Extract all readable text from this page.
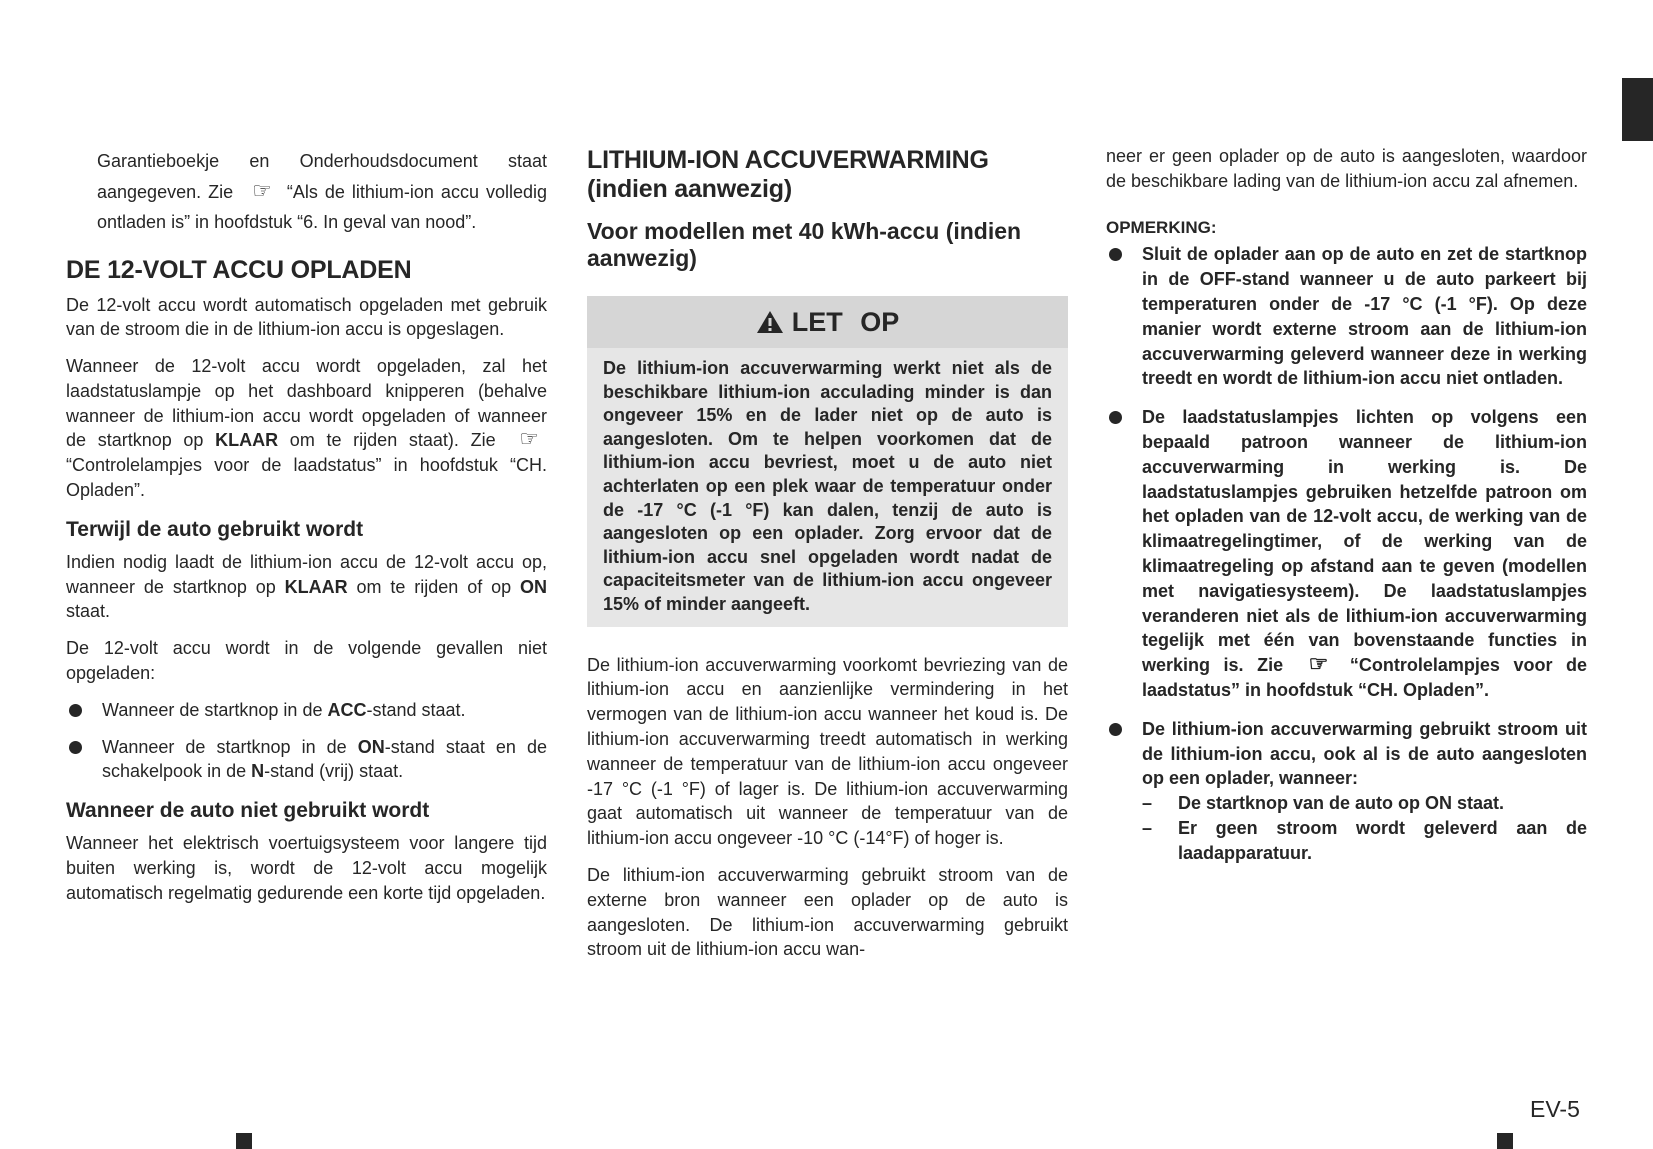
Garantieboekje en Onderhoudsdocument staat aangegeven. Zie ☞ “Als de lithium-ion accu volledig ontladen is” in hoofdstuk “6. In geval van nood”.

DE 12-VOLT ACCU OPLADEN

De 12-volt accu wordt automatisch opgeladen met gebruik van de stroom die in de lithium-ion accu is opgeslagen.

Wanneer de 12-volt accu wordt opgeladen, zal het laadstatuslampje op het dashboard knipperen (behalve wanneer de lithium-ion accu wordt opgeladen of wanneer de startknop op KLAAR om te rijden staat). Zie ☞ “Controlelampjes voor de laadstatus” in hoofdstuk “CH. Opladen”.

Terwijl de auto gebruikt wordt

Indien nodig laadt de lithium-ion accu de 12-volt accu op, wanneer de startknop op KLAAR om te rijden of op ON staat.

De 12-volt accu wordt in de volgende gevallen niet opgeladen:

Wanneer de startknop in de ACC-stand staat.
Wanneer de startknop in de ON-stand staat en de schakelpook in de N-stand (vrij) staat.
Wanneer de auto niet gebruikt wordt

Wanneer het elektrisch voertuigsysteem voor langere tijd buiten werking is, wordt de 12-volt accu mogelijk automatisch regelmatig gedurende een korte tijd opgeladen.

LITHIUM-ION ACCUVERWARMING (indien aanwezig)
Voor modellen met 40 kWh-accu (indien aanwezig)
LET OP
De lithium-ion accuverwarming werkt niet als de beschikbare lithium-ion acculading minder is dan ongeveer 15% en de lader niet op de auto is aangesloten. Om te helpen voorkomen dat de lithium-ion accu bevriest, moet u de auto niet achterlaten op een plek waar de temperatuur onder de -17 °C (-1 °F) kan dalen, tenzij de auto is aangesloten op een oplader. Zorg ervoor dat de lithium-ion accu snel opgeladen wordt nadat de capaciteitsmeter van de lithium-ion accu ongeveer 15% of minder aangeeft.

De lithium-ion accuverwarming voorkomt bevriezing van de lithium-ion accu en aanzienlijke vermindering in het vermogen van de lithium-ion accu wanneer het koud is. De lithium-ion accuverwarming treedt automatisch in werking wanneer de temperatuur van de lithium-ion accu ongeveer -17 °C (-1 °F) of lager is. De lithium-ion accuverwarming gaat automatisch uit wanneer de temperatuur van de lithium-ion accu ongeveer -10 °C (-14°F) of hoger is.

De lithium-ion accuverwarming gebruikt stroom van de externe bron wanneer een oplader op de auto is aangesloten. De lithium-ion accuverwarming gebruikt stroom uit de lithium-ion accu wan-

neer er geen oplader op de auto is aangesloten, waardoor de beschikbare lading van de lithium-ion accu zal afnemen.

OPMERKING:
Sluit de oplader aan op de auto en zet de startknop in de OFF-stand wanneer u de auto parkeert bij temperaturen onder de -17 °C (-1 °F). Op deze manier wordt externe stroom aan de lithium-ion accuverwarming geleverd wanneer deze in werking treedt en wordt de lithium-ion accu niet ontladen.
De laadstatuslampjes lichten op volgens een bepaald patroon wanneer de lithium-ion accuverwarming in werking is. De laadstatuslampjes gebruiken hetzelfde patroon om het opladen van de 12-volt accu, de werking van de klimaatregelingtimer, of de werking van de klimaatregeling op afstand aan te geven (modellen met navigatiesysteem). De laadstatuslampjes veranderen niet als de lithium-ion accuverwarming tegelijk met één van bovenstaande functies in werking is. Zie ☞ “Controlelampjes voor de laadstatus” in hoofdstuk “CH. Opladen”.
De lithium-ion accuverwarming gebruikt stroom uit de lithium-ion accu, ook al is de auto aangesloten op een oplader, wanneer:
– De startknop van de auto op ON staat.
– Er geen stroom wordt geleverd aan de laadapparatuur.
EV-5
